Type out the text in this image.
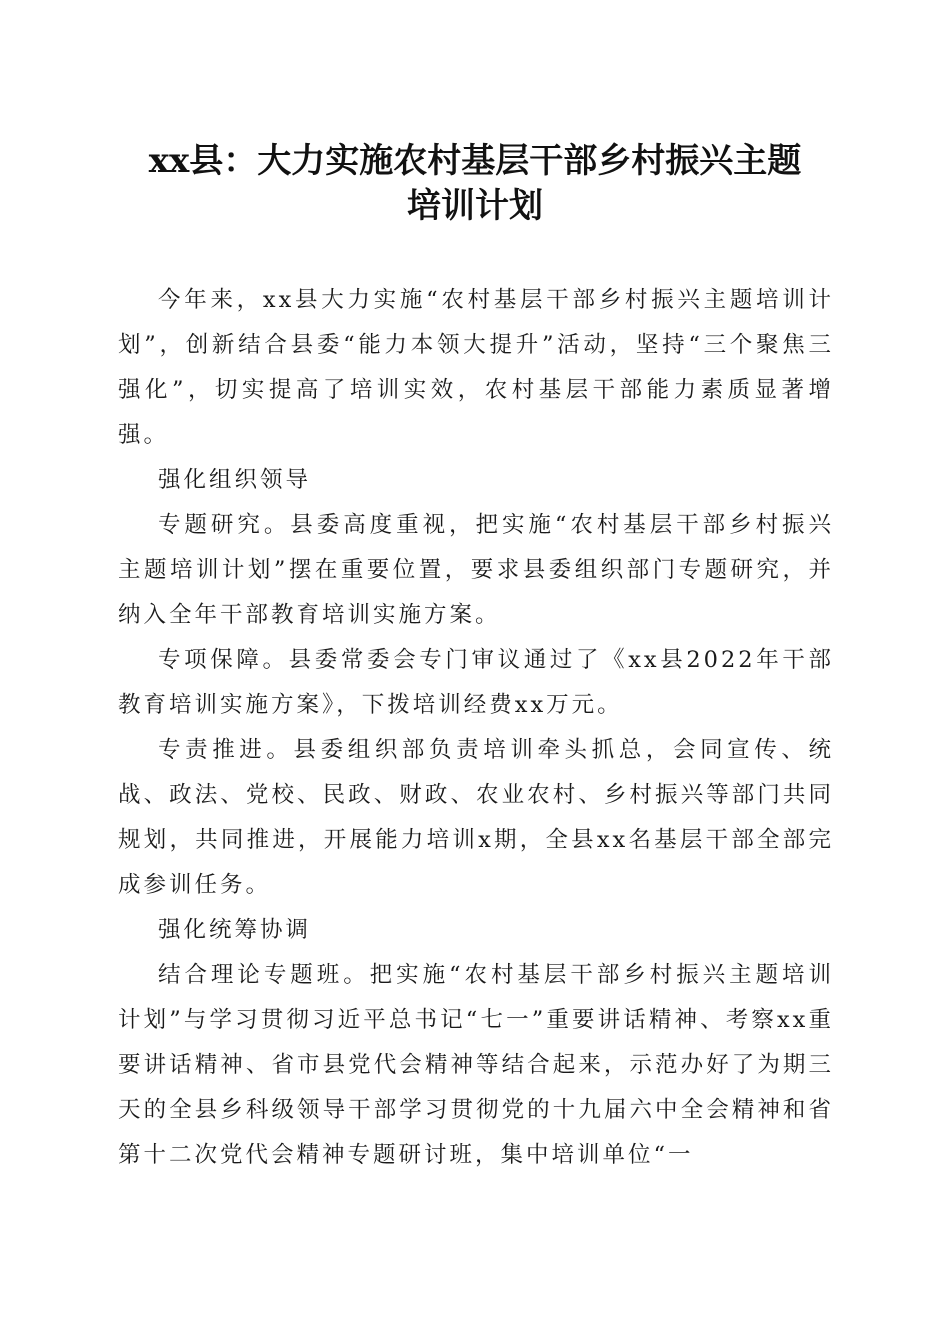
xx县：大力实施农村基层干部乡村振兴主题
培训计划

今年来，xx县大力实施“农村基层干部乡村振兴主题培训计划”，创新结合县委“能力本领大提升”活动，坚持“三个聚焦三强化”，切实提高了培训实效，农村基层干部能力素质显著增强。

强化组织领导

专题研究。县委高度重视，把实施“农村基层干部乡村振兴主题培训计划”摆在重要位置，要求县委组织部门专题研究，并纳入全年干部教育培训实施方案。

专项保障。县委常委会专门审议通过了《xx县2022年干部教育培训实施方案》，下拨培训经费xx万元。

专责推进。县委组织部负责培训牵头抓总，会同宣传、统战、政法、党校、民政、财政、农业农村、乡村振兴等部门共同规划，共同推进，开展能力培训x期，全县xx名基层干部全部完成参训任务。

强化统筹协调

结合理论专题班。把实施“农村基层干部乡村振兴主题培训计划”与学习贯彻习近平总书记“七一”重要讲话精神、考察xx重要讲话精神、省市县党代会精神等结合起来，示范办好了为期三天的全县乡科级领导干部学习贯彻党的十九届六中全会精神和省第十二次党代会精神专题研讨班，集中培训单位“一
